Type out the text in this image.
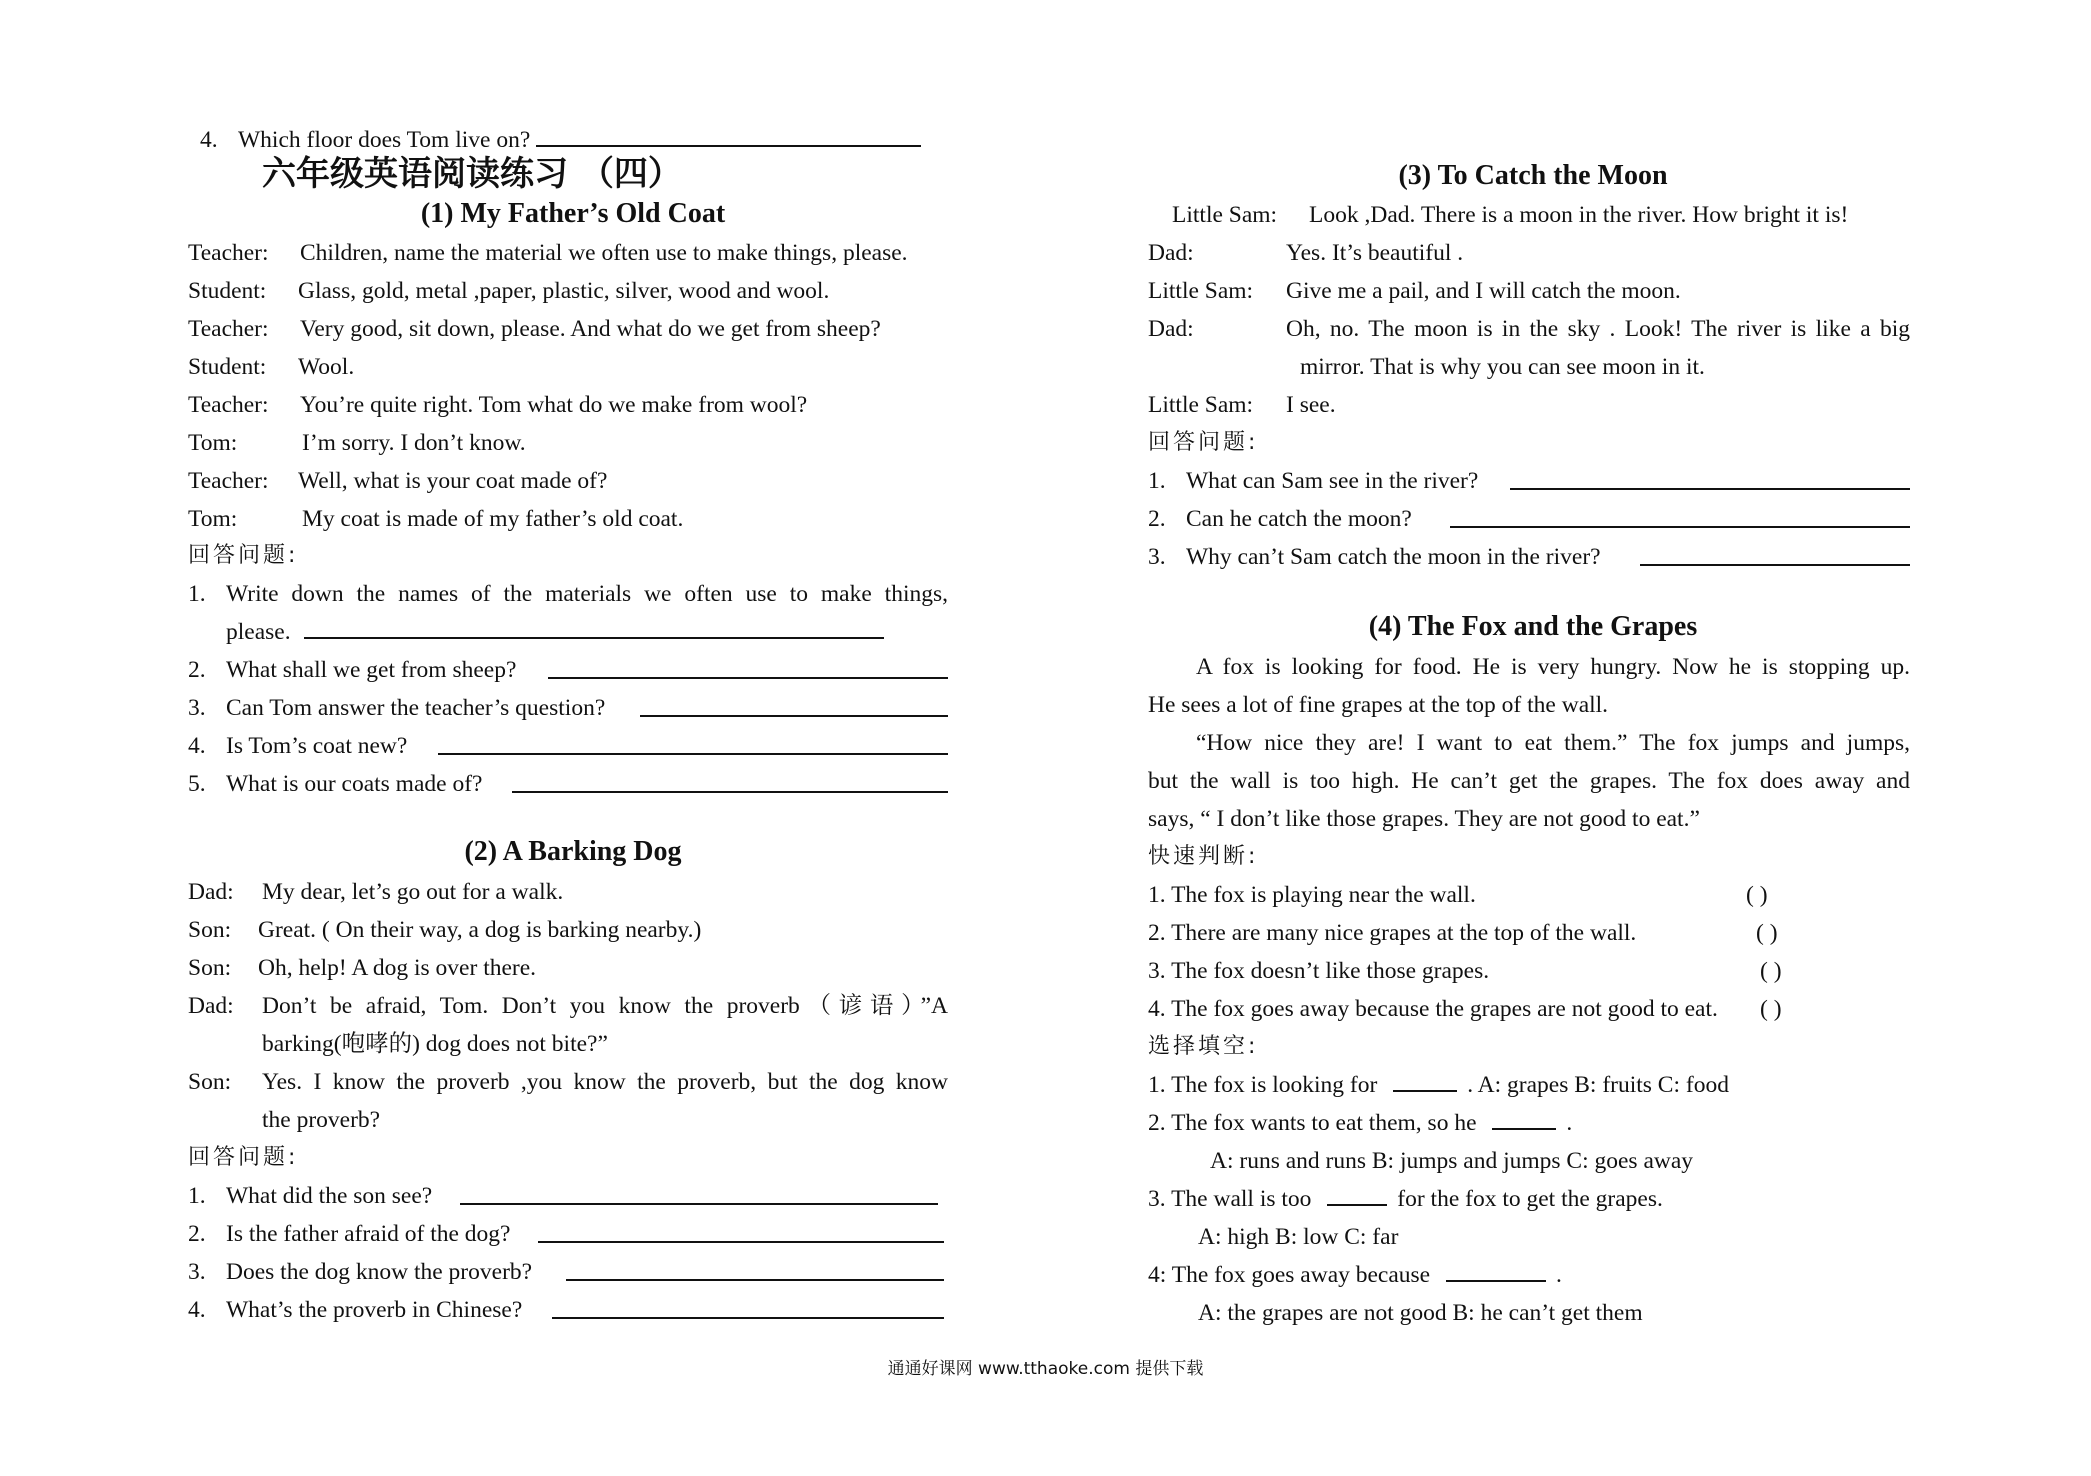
4. Which floor does Tom live on?
六年级英语阅读练习 （四）
(1) My Father’s Old Coat
Teacher: Children, name the material we often use to make things, please.
Student: Glass, gold, metal ,paper, plastic, silver, wood and wool.
Teacher: Very good, sit down, please. And what do we get from sheep?
Student: Wool.
Teacher: You’re quite right. Tom what do we make from wool?
Tom:	I’m sorry. I don’t know.
Teacher: Well, what is your coat made of?
Tom:	My coat is made of my father’s old coat.
回答问题:
1. Write down the names of the materials we often use to make things,
please.
2. What shall we get from sheep?
3. Can Tom answer the teacher’s question?
4. Is Tom’s coat new?
5. What is our coats made of?
(2) A Barking Dog
Dad: My dear, let’s go out for a walk.
Son: Great. ( On their way, a dog is barking nearby.)
Son: Oh, help! A dog is over there.
Dad: Don’t be afraid, Tom. Don’t you know the proverb（谚语）”A
barking(咆哮的) dog does not bite?”
Son: Yes. I know the proverb ,you know the proverb, but the dog know
the proverb?
回答问题:
1. What did the son see?
2. Is the father afraid of the dog?
3. Does the dog know the proverb?
4. What’s the proverb in Chinese?
(3) To Catch the Moon
Little Sam: Look ,Dad. There is a moon in the river. How bright it is!
Dad:	Yes. It’s beautiful .
Little Sam: Give me a pail, and I will catch the moon.
Dad:	Oh, no. The moon is in the sky . Look! The river is like a big
mirror. That is why you can see moon in it.
Little Sam: I see.
回答问题:
1. What can Sam see in the river?
2. Can he catch the moon?
3. Why can’t Sam catch the moon in the river?
(4) The Fox and the Grapes
A fox is looking for food. He is very hungry. Now he is stopping up.
He sees a lot of fine grapes at the top of the wall.
“How nice they are! I want to eat them.” The fox jumps and jumps,
but the wall is too high. He can’t get the grapes. The fox does away and
says, “ I don’t like those grapes. They are not good to eat.”
快速判断:
1. The fox is playing near the wall.	( )
2. There are many nice grapes at the top of the wall.	( )
3. The fox doesn’t like those grapes.	( )
4. The fox goes away because the grapes are not good to eat. ( )
选择填空:
1. The fox is looking for	. A: grapes B: fruits C: food
2. The fox wants to eat them, so he	.
A: runs and runs B: jumps and jumps C: goes away
3. The wall is too	for the fox to get the grapes.
A: high B: low C: far
4: The fox goes away because	.
A: the grapes are not good B: he can’t get them
通通好课网 www.tthaoke.com 提供下载
